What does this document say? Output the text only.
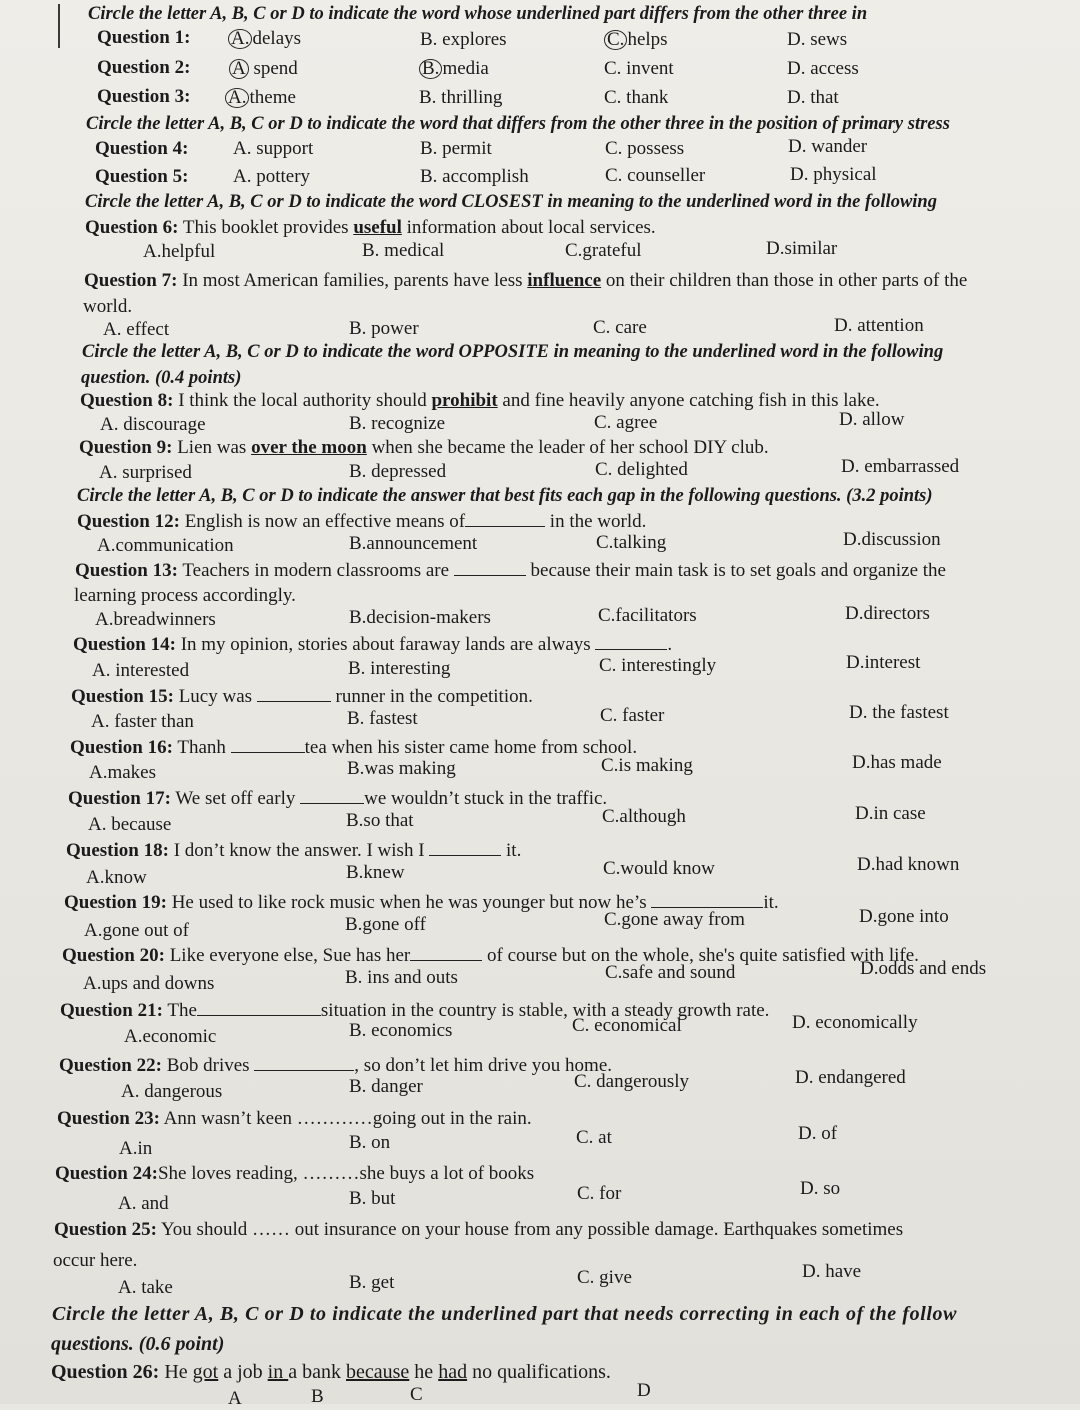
Circle the letter A, B, C or D to indicate the word whose underlined part differs from the other three in
Question 1: A. delays	B. explores	C. helps	D. sews
Question 2: A spend	B. media	C. invent	D. access
Question 3: A. theme	B. thrilling	C. thank	D. that
Circle the letter A, B, C or D to indicate the word that differs from the other three in the position of primary stress
Question 4: A. support	B. permit	C. possess	D. wander
Question 5: A. pottery	B. accomplish	C. counseller	D. physical
Circle the letter A, B, C or D to indicate the word CLOSEST in meaning to the underlined word in the following
Question 6: This booklet provides useful information about local services.
A.helpful	B. medical	C.grateful	D.similar
Question 7: In most American families, parents have less influence on their children than those in other parts of the
world.
A. effect	B. power	C. care	D. attention
Circle the letter A, B, C or D to indicate the word OPPOSITE in meaning to the underlined word in the following
question. (0.4 points)
Question 8: I think the local authority should prohibit and fine heavily anyone catching fish in this lake.
A. discourage	B. recognize	C. agree	D. allow
Question 9: Lien was over the moon when she became the leader of her school DIY club.
A. surprised	B. depressed	C. delighted	D. embarrassed
Circle the letter A, B, C or D to indicate the answer that best fits each gap in the following questions. (3.2 points)
Question 12: English is now an effective means of	in the world.
A.communication	B.announcement	C.talking	D.discussion
Question 13: Teachers in modern classrooms are	because their main task is to set goals and organize the
learning process accordingly.
A.breadwinners	B.decision-makers	C.facilitators	D.directors
Question 14: In my opinion, stories about faraway lands are always	.
A. interested	B. interesting	C. interestingly	D.interest
Question 15: Lucy was	runner in the competition.
A. faster than	B. fastest	C. faster	D. the fastest
Question 16: Thanh	tea when his sister came home from school.
A.makes	B.was making	C.is making	D.has made
Question 17: We set off early	we wouldn’t stuck in the traffic.
A. because	B.so that	C.although	D.in case
Question 18: I don’t know the answer. I wish I	it.
A.know	B.knew	C.would know	D.had known
Question 19: He used to like rock music when he was younger but now he’s	it.
A.gone out of	B.gone off	C.gone away from	D.gone into
Question 20: Like everyone else, Sue has her	of course but on the whole, she's quite satisfied with life.
A.ups and downs	B. ins and outs	C.safe and sound	D.odds and ends
Question 21: The	situation in the country is stable, with a steady growth rate.
A.economic	B. economics	C. economical	D. economically
Question 22: Bob drives	, so don’t let him drive you home.
A. dangerous	B. danger	C. dangerously	D. endangered
Question 23: Ann wasn’t keen …………going out in the rain.
A.in	B. on	C. at	D. of
Question 24:She loves reading, ………she buys a lot of books
A. and	B. but	C. for	D. so
Question 25: You should …… out insurance on your house from any possible damage. Earthquakes sometimes
occur here.
A. take	B. get	C. give	D. have
Circle the letter A, B, C or D to indicate the underlined part that needs correcting in each of the follow
questions. (0.6 point)
Question 26: He got a job in a bank because he had no qualifications.
A	B	C	D
